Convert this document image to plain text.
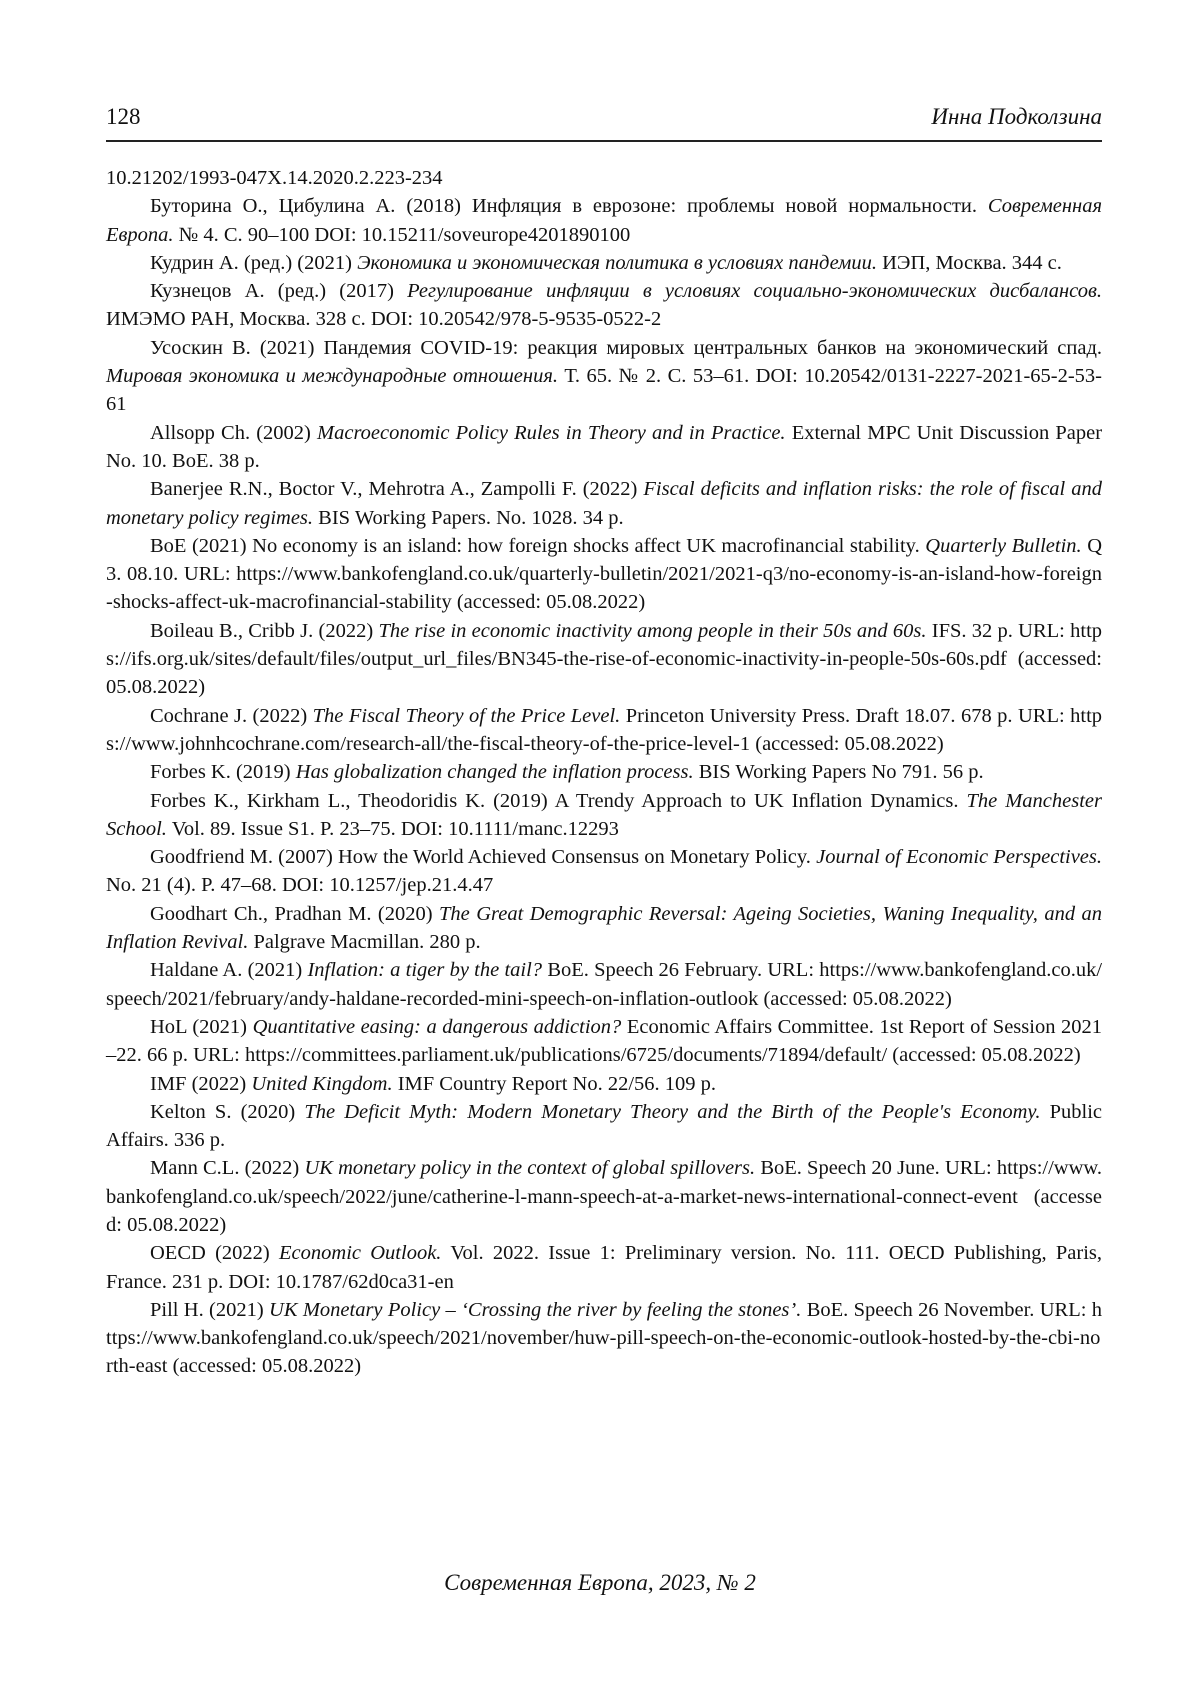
128	Инна Подколзина

10.21202/1993-047X.14.2020.2.223-234

Буторина О., Цибулина А. (2018) Инфляция в еврозоне: проблемы новой нормальности. Современная Европа. № 4. С. 90–100 DOI: 10.15211/soveurope4201890100

Кудрин А. (ред.) (2021) Экономика и экономическая политика в условиях пандемии. ИЭП, Москва. 344 с.

Кузнецов А. (ред.) (2017) Регулирование инфляции в условиях социально-экономических дисбалансов. ИМЭМО РАН, Москва. 328 с. DOI: 10.20542/978-5-9535-0522-2

Усоскин В. (2021) Пандемия COVID-19: реакция мировых центральных банков на экономический спад. Мировая экономика и международные отношения. Т. 65. № 2. С. 53–61. DOI: 10.20542/0131-2227-2021-65-2-53-61

Allsopp Ch. (2002) Macroeconomic Policy Rules in Theory and in Practice. External MPC Unit Discussion Paper No. 10. BoE. 38 p.

Banerjee R.N., Boctor V., Mehrotra A., Zampolli F. (2022) Fiscal deficits and inflation risks: the role of fiscal and monetary policy regimes. BIS Working Papers. No. 1028. 34 p.

BoE (2021) No economy is an island: how foreign shocks affect UK macrofinancial stability. Quarterly Bulletin. Q3. 08.10. URL: https://www.bankofengland.co.uk/quarterly-bulletin/2021/2021-q3/no-economy-is-an-island-how-foreign-shocks-affect-uk-macrofinancial-stability (accessed: 05.08.2022)

Boileau B., Cribb J. (2022) The rise in economic inactivity among people in their 50s and 60s. IFS. 32 p. URL: https://ifs.org.uk/sites/default/files/output_url_files/BN345-the-rise-of-economic-inactivity-in-people-50s-60s.pdf (accessed: 05.08.2022)

Cochrane J. (2022) The Fiscal Theory of the Price Level. Princeton University Press. Draft 18.07. 678 p. URL: https://www.johnhcochrane.com/research-all/the-fiscal-theory-of-the-price-level-1 (accessed: 05.08.2022)

Forbes K. (2019) Has globalization changed the inflation process. BIS Working Papers No 791. 56 p.

Forbes K., Kirkham L., Theodoridis K. (2019) A Trendy Approach to UK Inflation Dynamics. The Manchester School. Vol. 89. Issue S1. P. 23–75. DOI: 10.1111/manc.12293

Goodfriend M. (2007) How the World Achieved Consensus on Monetary Policy. Journal of Economic Perspectives. No. 21 (4). P. 47–68. DOI: 10.1257/jep.21.4.47

Goodhart Ch., Pradhan M. (2020) The Great Demographic Reversal: Ageing Societies, Waning Inequality, and an Inflation Revival. Palgrave Macmillan. 280 p.

Haldane A. (2021) Inflation: a tiger by the tail? BoE. Speech 26 February. URL: https://www.bankofengland.co.uk/speech/2021/february/andy-haldane-recorded-mini-speech-on-inflation-outlook (accessed: 05.08.2022)

HoL (2021) Quantitative easing: a dangerous addiction? Economic Affairs Committee. 1st Report of Session 2021–22. 66 p. URL: https://committees.parliament.uk/publications/6725/documents/71894/default/ (accessed: 05.08.2022)

IMF (2022) United Kingdom. IMF Country Report No. 22/56. 109 p.

Kelton S. (2020) The Deficit Myth: Modern Monetary Theory and the Birth of the People's Economy. Public Affairs. 336 p.

Mann C.L. (2022) UK monetary policy in the context of global spillovers. BoE. Speech 20 June. URL: https://www.bankofengland.co.uk/speech/2022/june/catherine-l-mann-speech-at-a-market-news-international-connect-event (accessed: 05.08.2022)

OECD (2022) Economic Outlook. Vol. 2022. Issue 1: Preliminary version. No. 111. OECD Publishing, Paris, France. 231 p. DOI: 10.1787/62d0ca31-en

Pill H. (2021) UK Monetary Policy – ‘Crossing the river by feeling the stones’. BoE. Speech 26 November. URL: https://www.bankofengland.co.uk/speech/2021/november/huw-pill-speech-on-the-economic-outlook-hosted-by-the-cbi-north-east (accessed: 05.08.2022)

Современная Европа, 2023, № 2
